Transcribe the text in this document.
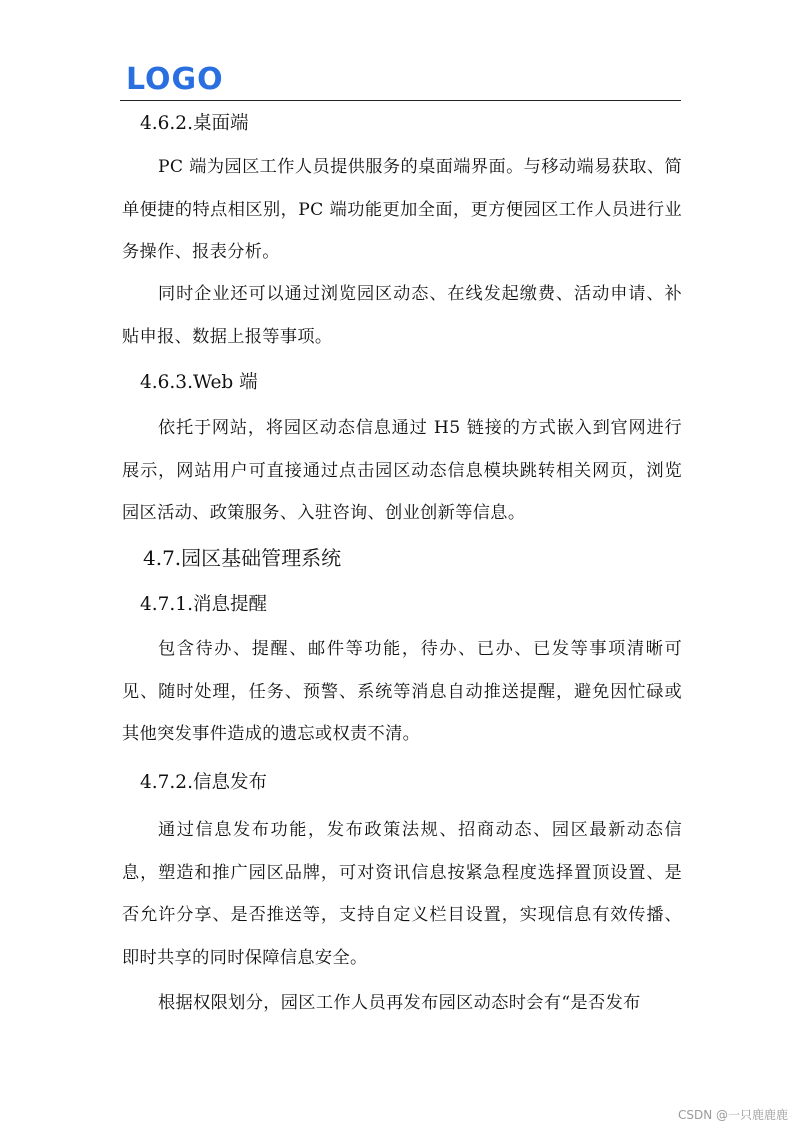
LOGO
4.6.2.桌面端

PC 端为园区工作人员提供服务的桌面端界面。与移动端易获取、简单便捷的特点相区别，PC 端功能更加全面，更方便园区工作人员进行业务操作、报表分析。

同时企业还可以通过浏览园区动态、在线发起缴费、活动申请、补贴申报、数据上报等事项。

4.6.3.Web 端

依托于网站，将园区动态信息通过 H5 链接的方式嵌入到官网进行展示，网站用户可直接通过点击园区动态信息模块跳转相关网页，浏览园区活动、政策服务、入驻咨询、创业创新等信息。

4.7.园区基础管理系统
4.7.1.消息提醒

包含待办、提醒、邮件等功能，待办、已办、已发等事项清晰可见、随时处理，任务、预警、系统等消息自动推送提醒，避免因忙碌或其他突发事件造成的遗忘或权责不清。

4.7.2.信息发布

通过信息发布功能，发布政策法规、招商动态、园区最新动态信息，塑造和推广园区品牌，可对资讯信息按紧急程度选择置顶设置、是否允许分享、是否推送等，支持自定义栏目设置，实现信息有效传播、即时共享的同时保障信息安全。

根据权限划分，园区工作人员再发布园区动态时会有“是否发布

CSDN @一只鹿鹿鹿
